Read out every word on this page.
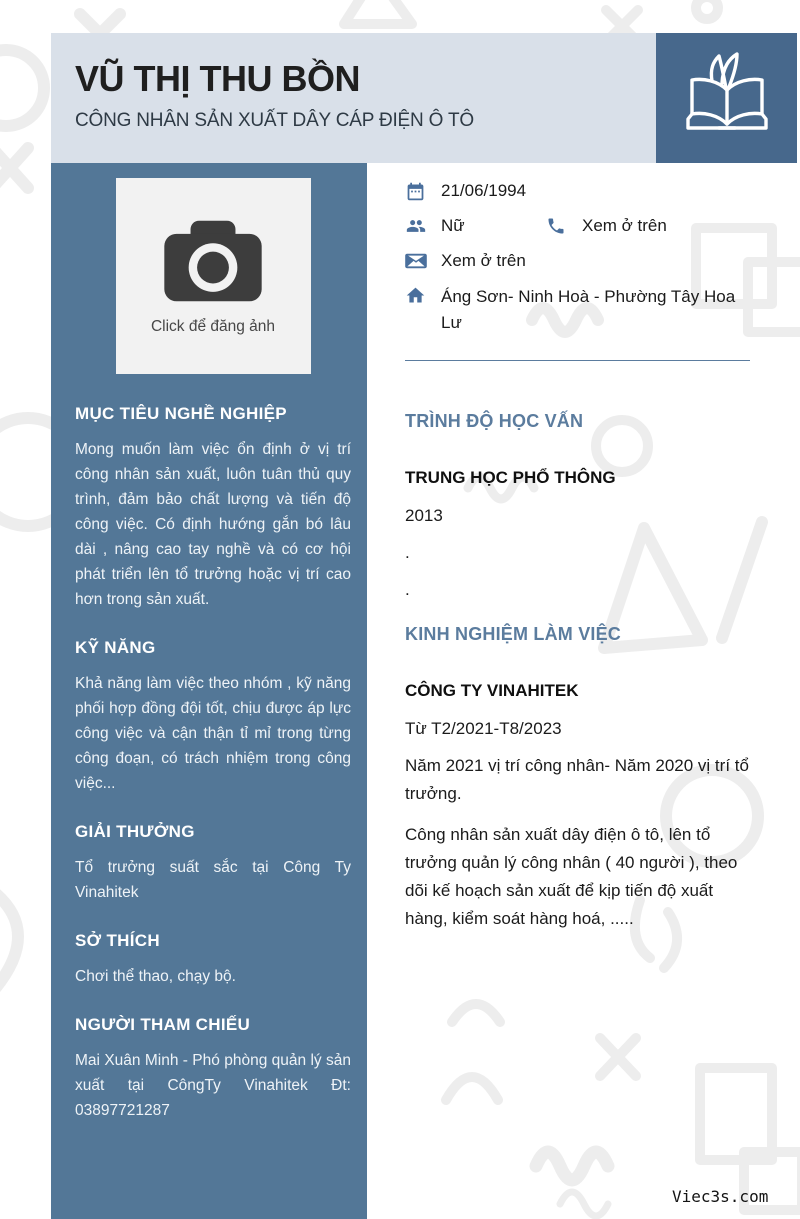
VŨ THỊ THU BỒN
CÔNG NHÂN SẢN XUẤT DÂY CÁP ĐIỆN Ô TÔ
Click để đăng ảnh
MỤC TIÊU NGHỀ NGHIỆP

Mong muốn làm việc ổn định ở vị trí công nhân sản xuất, luôn tuân thủ quy trình, đảm bảo chất lượng và tiến độ công việc. Có định hướng gắn bó lâu dài , nâng cao tay nghề và có cơ hội phát triển lên tổ trưởng hoặc vị trí cao hơn trong sản xuất.

KỸ NĂNG

Khả năng làm việc theo nhóm , kỹ năng phối hợp đồng đội tốt, chịu được áp lực công việc và cận thận tỉ mỉ trong từng công đoạn, có trách nhiệm trong công việc...

GIẢI THƯỞNG

Tổ trưởng suất sắc tại Công Ty Vinahitek

SỞ THÍCH

Chơi thể thao, chạy bộ.

NGƯỜI THAM CHIẾU

Mai Xuân Minh - Phó phòng quản lý sản xuất tại CôngTy Vinahitek Đt: 03897721287

21/06/1994
Nữ	Xem ở trên
Xem ở trên
Áng Sơn- Ninh Hoà - Phường Tây Hoa Lư
TRÌNH ĐỘ HỌC VẤN
TRUNG HỌC PHỔ THÔNG
2013
.
.
KINH NGHIỆM LÀM VIỆC
CÔNG TY VINAHITEK
Từ T2/2021-T8/2023

Năm 2021 vị trí công nhân- Năm 2020 vị trí tổ trưởng.

Công nhân sản xuất dây điện ô tô, lên tổ trưởng quản lý công nhân ( 40 người ), theo dõi kế hoạch sản xuất để kịp tiến độ xuất hàng, kiểm soát hàng hoá, .....

Viec3s.com
